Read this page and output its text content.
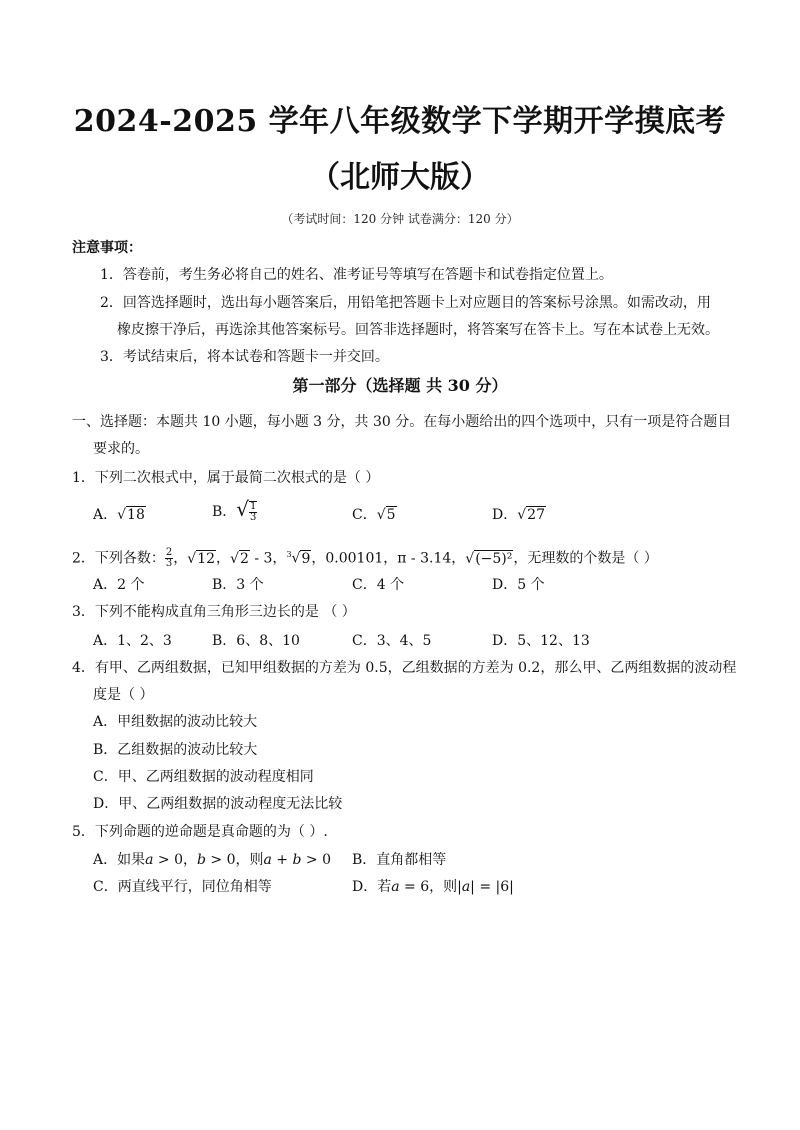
2024-2025 学年八年级数学下学期开学摸底考
（北师大版）
（考试时间：120 分钟 试卷满分：120 分）
注意事项：
1．答卷前，考生务必将自己的姓名、准考证号等填写在答题卡和试卷指定位置上。
2．回答选择题时，选出每小题答案后，用铅笔把答题卡上对应题目的答案标号涂黑。如需改动，用
橡皮擦干净后，再选涂其他答案标号。回答非选择题时，将答案写在答卡上。写在本试卷上无效。
3．考试结束后，将本试卷和答题卡一并交回。
第一部分（选择题 共 30 分）
一、选择题：本题共 10 小题，每小题 3 分，共 30 分。在每小题给出的四个选项中，只有一项是符合题目
要求的。
1．下列二次根式中，属于最简二次根式的是（ ）
A．√18	B．√ $\frac{1}{3}$	C．√5	D．√27
2．下列各数： $\frac{2}{3}$ ，√12，√2 - 3，$^3$√9，0.00101，π - 3.14，√(−5)²，无理数的个数是（ ）
A．2 个	B．3 个	C．4 个	D．5 个
3．下列不能构成直角三角形三边长的是 （ ）
A．1、2、3	B．6、8、10	C．3、4、5	D．5、12、13
4．有甲、乙两组数据，已知甲组数据的方差为 0.5，乙组数据的方差为 0.2，那么甲、乙两组数据的波动程
度是（ ）
A．甲组数据的波动比较大
B．乙组数据的波动比较大
C．甲、乙两组数据的波动程度相同
D．甲、乙两组数据的波动程度无法比较
5．下列命题的逆命题是真命题的为（ ）.
A．如果𝑎 > 0，𝑏 > 0，则𝑎 + 𝑏 > 0 B．直角都相等
C．两直线平行，同位角相等	D．若𝑎 = 6，则|𝑎| = |6|
